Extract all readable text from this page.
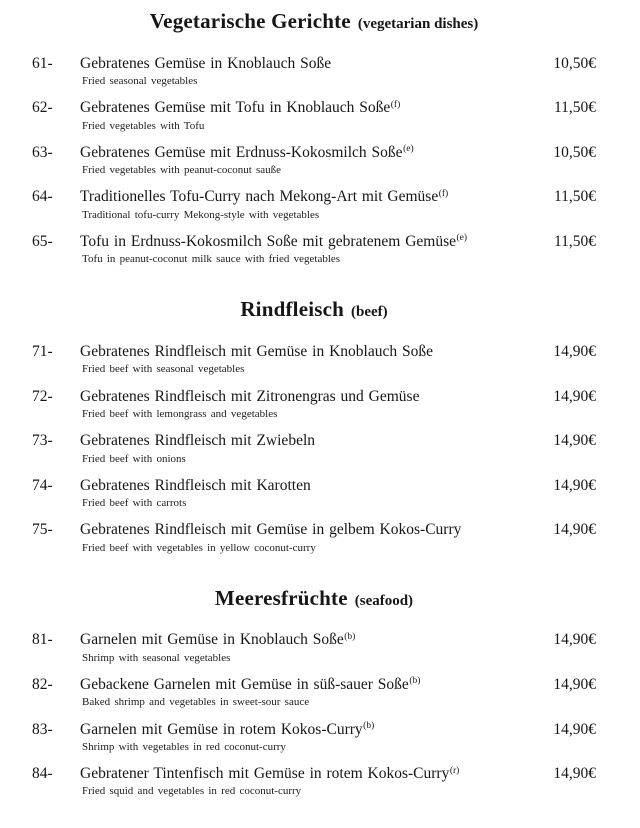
Vegetarische Gerichte (vegetarian dishes)
61-	Gebratenes Gemüse in Knoblauch Soße
Fried seasonal vegetables
10,50€
62-	Gebratenes Gemüse mit Tofu in Knoblauch Soße$^{(f)}$
Fried vegetables with Tofu
11,50€
63-	Gebratenes Gemüse mit Erdnuss-Kokosmilch Soße$^{(e)}$
Fried vegetables with peanut-coconut sauße
10,50€
64-	Traditionelles Tofu-Curry nach Mekong-Art mit Gemüse$^{(f)}$
Traditional tofu-curry Mekong-style with vegetables
11,50€
65-	Tofu in Erdnuss-Kokosmilch Soße mit gebratenem Gemüse$^{(e)}$
Tofu in peanut-coconut milk sauce with fried vegetables
11,50€
Rindfleisch (beef)
71-	Gebratenes Rindfleisch mit Gemüse in Knoblauch Soße
Fried beef with seasonal vegetables
14,90€
72-	Gebratenes Rindfleisch mit Zitronengras und Gemüse
Fried beef with lemongrass and vegetables
14,90€
73-	Gebratenes Rindfleisch mit Zwiebeln
Fried beef with onions
14,90€
74-	Gebratenes Rindfleisch mit Karotten
Fried beef with carrots
14,90€
75-	Gebratenes Rindfleisch mit Gemüse in gelbem Kokos-Curry
Fried beef with vegetables in yellow coconut-curry
14,90€
Meeresfrüchte (seafood)
81-	Garnelen mit Gemüse in Knoblauch Soße$^{(b)}$
Shrimp with seasonal vegetables
14,90€
82-	Gebackene Garnelen mit Gemüse in süß-sauer Soße$^{(b)}$
Baked shrimp and vegetables in sweet-sour sauce
14,90€
83-	Garnelen mit Gemüse in rotem Kokos-Curry$^{(b)}$
Shrimp with vegetables in red coconut-curry
14,90€
84-	Gebratener Tintenfisch mit Gemüse in rotem Kokos-Curry$^{(r)}$
Fried squid and vegetables in red coconut-curry
14,90€
